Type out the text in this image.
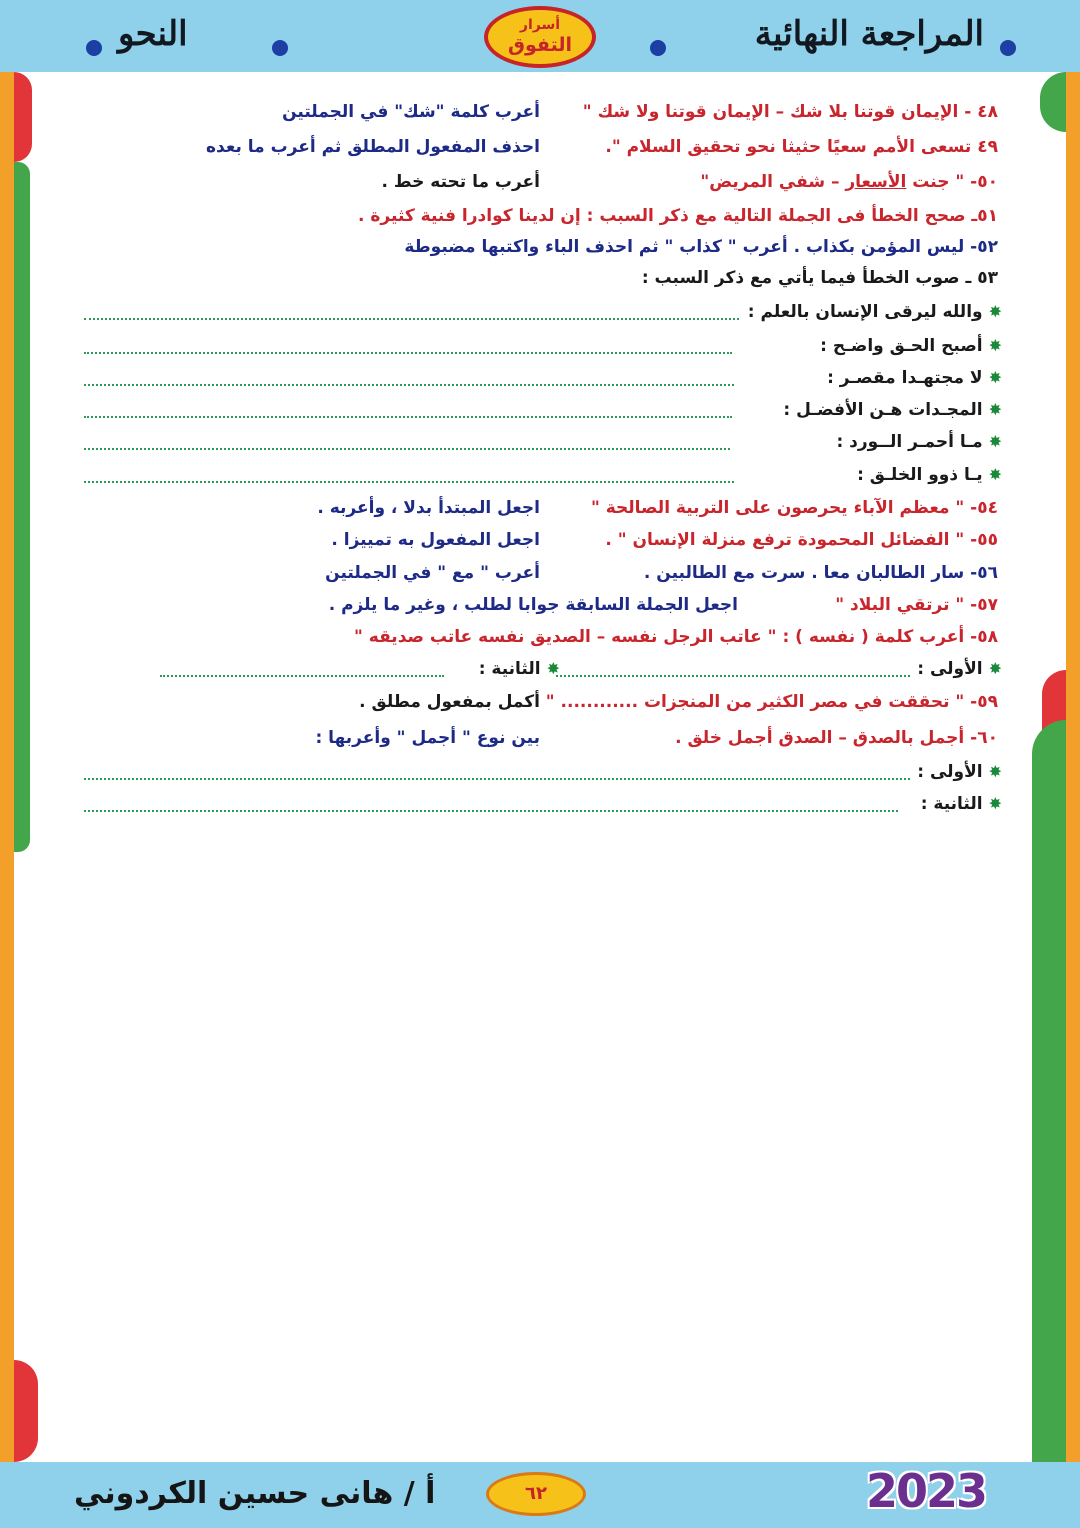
المراجعة النهائية
أسرار
التفوق
النحو
٤٨ - الإيمان قوتنا بلا شك – الإيمان قوتنا ولا شك "
أعرب كلمة "شك" في الجملتين
٤٩ تسعى الأمم سعيًا حثيثا نحو تحقيق السلام ".
احذف المفعول المطلق ثم أعرب ما بعده
٥٠- " جنت الأسعار – شفي المريض"
أعرب ما تحته خط .
٥١ـ صحح الخطأ فى الجملة التالية مع ذكر السبب : إن لدينا كوادرا فنية كثيرة .
٥٢- ليس المؤمن بكذاب . أعرب " كذاب " ثم احذف الباء واكتبها مضبوطة
٥٣ ـ صوب الخطأ فيما يأتي مع ذكر السبب :
✸والله ليرقى الإنسان بالعلم :
✸أصبح الحـق واضـح :
✸لا مجتهـدا مقصـر :
✸المجـدات هـن الأفضـل :
✸مـا أحمـر الــورد :
✸يـا ذوو الخلـق :
٥٤- " معظم الآباء يحرصون على التربية الصالحة "
اجعل المبتدأ بدلا ، وأعربه .
٥٥- " الفضائل المحمودة ترفع منزلة الإنسان " .
اجعل المفعول به تمييزا .
٥٦- سار الطالبان معا . سرت مع الطالبين .
أعرب " مع " في الجملتين
٥٧- " ترتقي البلاد "
اجعل الجملة السابقة جوابا لطلب ، وغير ما يلزم .
٥٨- أعرب كلمة ( نفسه ) : " عاتب الرجل نفسه – الصديق نفسه عاتب صديقه "
✸الأولى :
✸الثانية :
٥٩- " تحققت في مصر الكثير من المنجزات ............ "
أكمل بمفعول مطلق .
٦٠- أجمل بالصدق – الصدق أجمل خلق .
بين نوع " أجمل " وأعربها :
✸الأولى :
✸الثانية :
أ / هانى حسين الكردوني	٦٢	2023
